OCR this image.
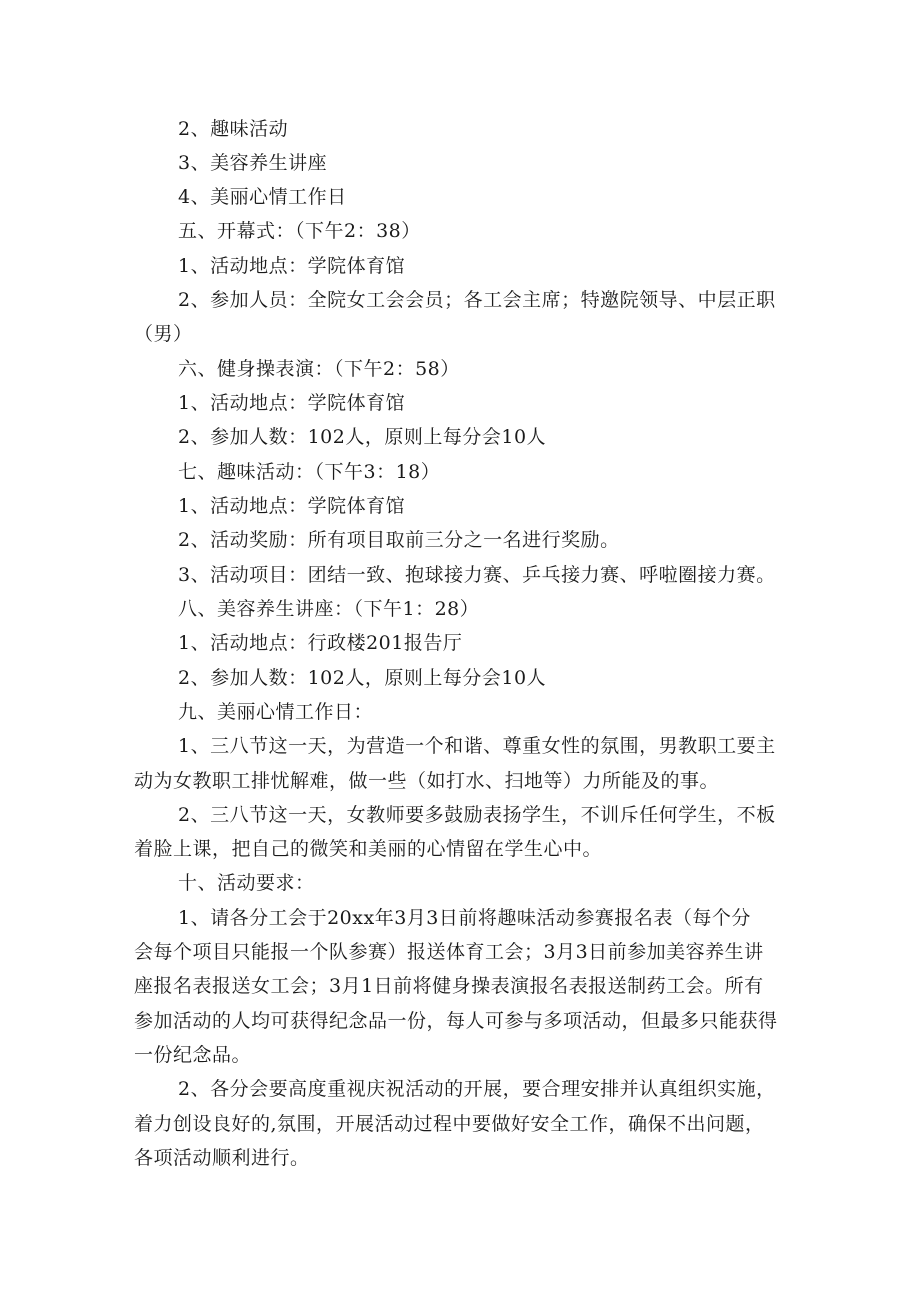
2、趣味活动
3、美容养生讲座
4、美丽心情工作日
五、开幕式：（下午2：38）
1、活动地点：学院体育馆
2、参加人员：全院女工会会员；各工会主席；特邀院领导、中层正职
（男）
六、健身操表演：（下午2：58）
1、活动地点：学院体育馆
2、参加人数：102人，原则上每分会10人
七、趣味活动：（下午3：18）
1、活动地点：学院体育馆
2、活动奖励：所有项目取前三分之一名进行奖励。
3、活动项目：团结一致、抱球接力赛、乒乓接力赛、呼啦圈接力赛。
八、美容养生讲座：（下午1：28）
1、活动地点：行政楼201报告厅
2、参加人数：102人，原则上每分会10人
九、美丽心情工作日：
1、三八节这一天，为营造一个和谐、尊重女性的氛围，男教职工要主
动为女教职工排忧解难，做一些（如打水、扫地等）力所能及的事。
2、三八节这一天，女教师要多鼓励表扬学生，不训斥任何学生，不板
着脸上课，把自己的微笑和美丽的心情留在学生心中。
十、活动要求：
1、请各分工会于20xx年3月3日前将趣味活动参赛报名表（每个分
会每个项目只能报一个队参赛）报送体育工会；3月3日前参加美容养生讲
座报名表报送女工会；3月1日前将健身操表演报名表报送制药工会。所有
参加活动的人均可获得纪念品一份，每人可参与多项活动，但最多只能获得
一份纪念品。
2、各分会要高度重视庆祝活动的开展，要合理安排并认真组织实施，
着力创设良好的,氛围，开展活动过程中要做好安全工作，确保不出问题，
各项活动顺利进行。
